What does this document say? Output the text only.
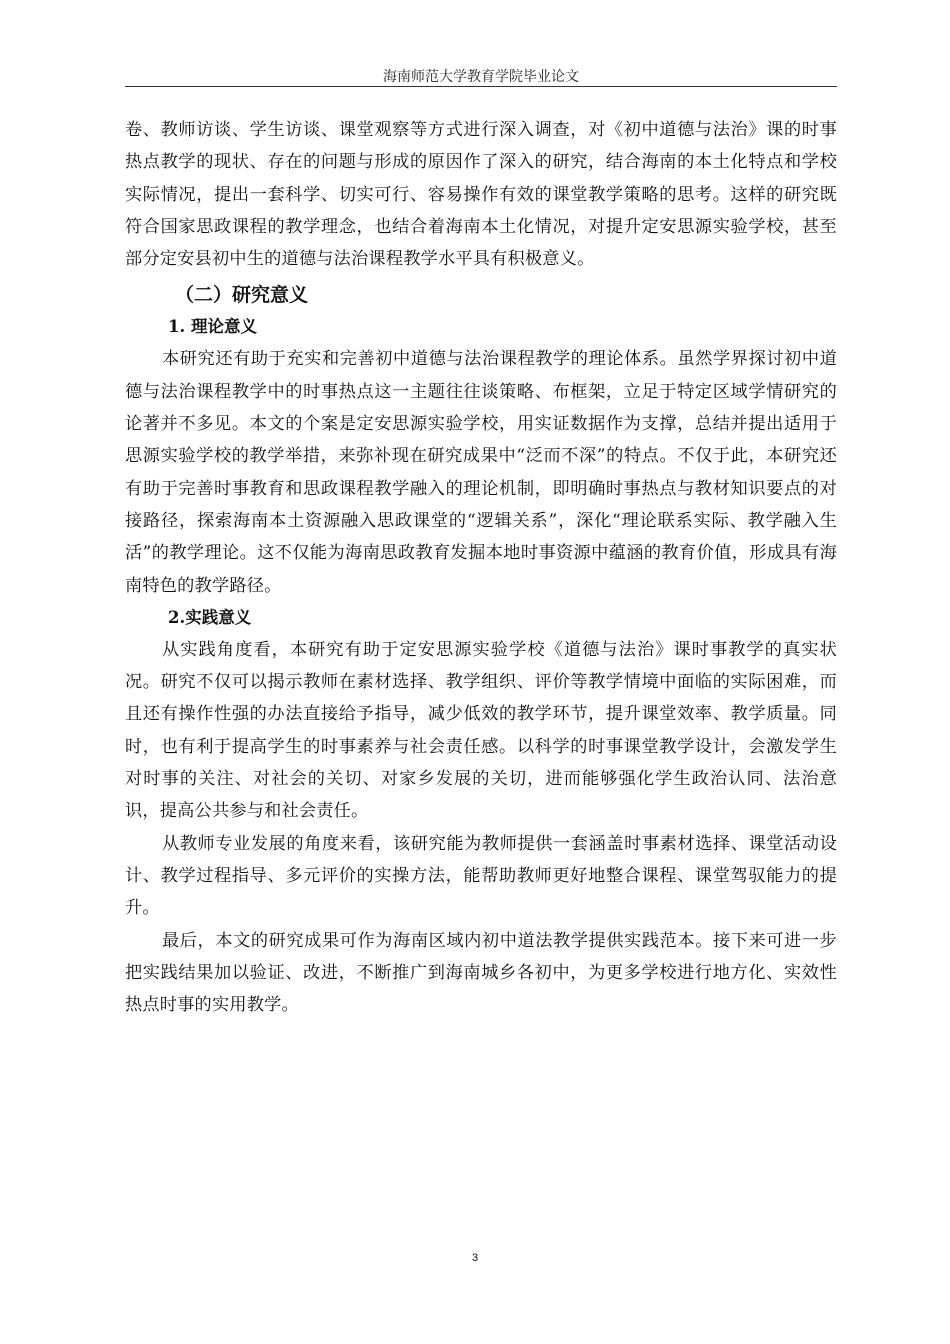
海南师范大学教育学院毕业论文

卷、教师访谈、学生访谈、课堂观察等方式进行深入调查，对《初中道德与法治》课的时事热点教学的现状、存在的问题与形成的原因作了深入的研究，结合海南的本土化特点和学校实际情况，提出一套科学、切实可行、容易操作有效的课堂教学策略的思考。这样的研究既符合国家思政课程的教学理念，也结合着海南本土化情况，对提升定安思源实验学校，甚至部分定安县初中生的道德与法治课程教学水平具有积极意义。

（二）研究意义
1. 理论意义

本研究还有助于充实和完善初中道德与法治课程教学的理论体系。虽然学界探讨初中道德与法治课程教学中的时事热点这一主题往往谈策略、布框架，立足于特定区域学情研究的论著并不多见。本文的个案是定安思源实验学校，用实证数据作为支撑，总结并提出适用于思源实验学校的教学举措，来弥补现在研究成果中“泛而不深”的特点。不仅于此，本研究还有助于完善时事教育和思政课程教学融入的理论机制，即明确时事热点与教材知识要点的对接路径，探索海南本土资源融入思政课堂的“逻辑关系”，深化“理论联系实际、教学融入生活”的教学理论。这不仅能为海南思政教育发掘本地时事资源中蕴涵的教育价值，形成具有海南特色的教学路径。

2.实践意义

从实践角度看，本研究有助于定安思源实验学校《道德与法治》课时事教学的真实状况。研究不仅可以揭示教师在素材选择、教学组织、评价等教学情境中面临的实际困难，而且还有操作性强的办法直接给予指导，减少低效的教学环节，提升课堂效率、教学质量。同时，也有利于提高学生的时事素养与社会责任感。以科学的时事课堂教学设计，会激发学生对时事的关注、对社会的关切、对家乡发展的关切，进而能够强化学生政治认同、法治意识，提高公共参与和社会责任。

从教师专业发展的角度来看，该研究能为教师提供一套涵盖时事素材选择、课堂活动设计、教学过程指导、多元评价的实操方法，能帮助教师更好地整合课程、课堂驾驭能力的提升。

最后，本文的研究成果可作为海南区域内初中道法教学提供实践范本。接下来可进一步把实践结果加以验证、改进，不断推广到海南城乡各初中，为更多学校进行地方化、实效性热点时事的实用教学。

3
